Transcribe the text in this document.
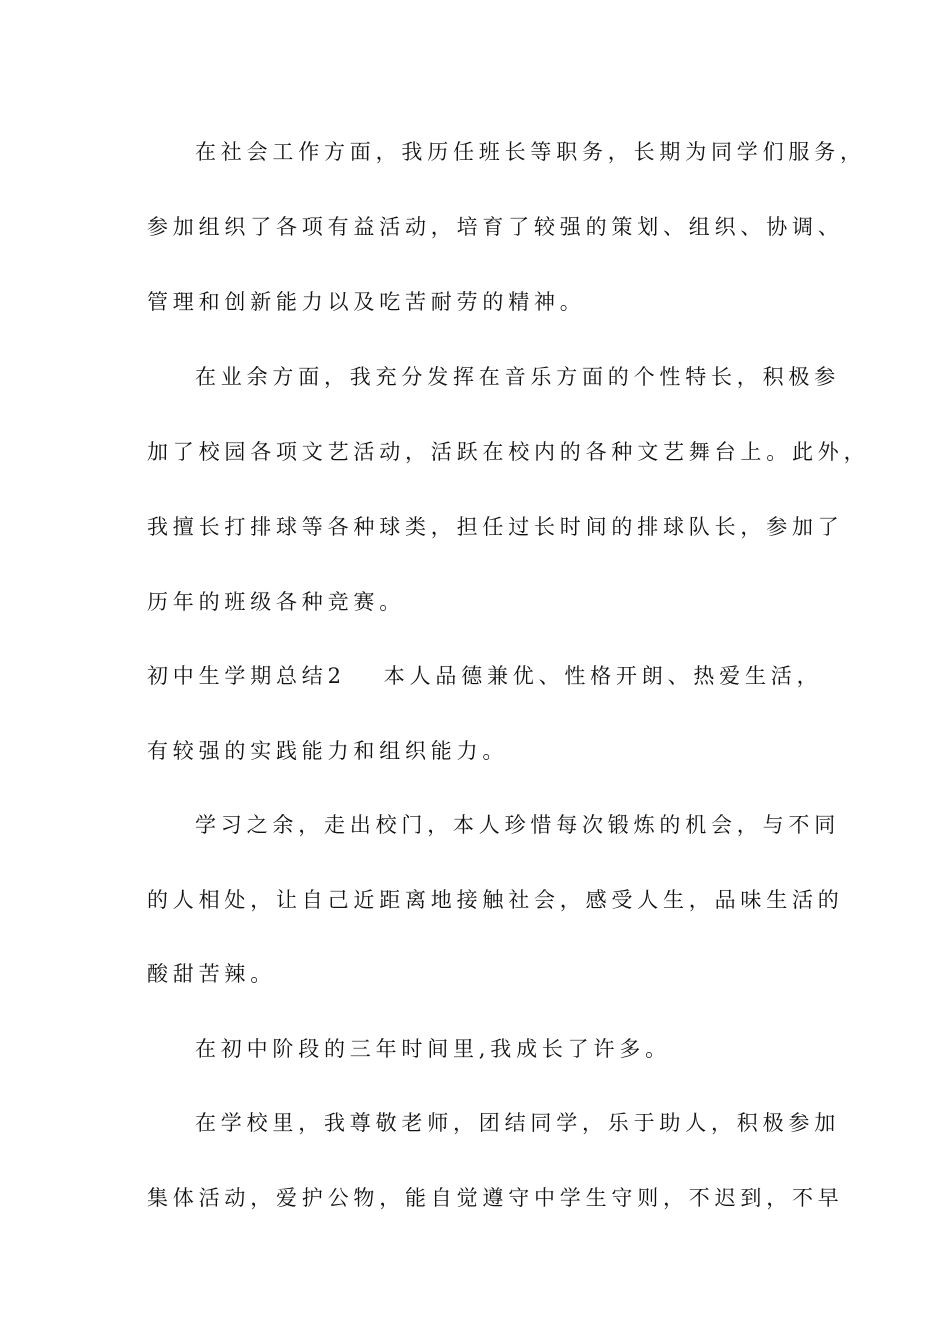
在社会工作方面，我历任班长等职务，长期为同学们服务，
参加组织了各项有益活动，培育了较强的策划、组织、协调、
管理和创新能力以及吃苦耐劳的精神。
在业余方面，我充分发挥在音乐方面的个性特长，积极参
加了校园各项文艺活动，活跃在校内的各种文艺舞台上。此外，
我擅长打排球等各种球类，担任过长时间的排球队长，参加了
历年的班级各种竞赛。
初中生学期总结2 本人品德兼优、性格开朗、热爱生活，
有较强的实践能力和组织能力。
学习之余，走出校门，本人珍惜每次锻炼的机会，与不同
的人相处，让自己近距离地接触社会，感受人生，品味生活的
酸甜苦辣。
在初中阶段的三年时间里,我成长了许多。
在学校里，我尊敬老师，团结同学，乐于助人，积极参加
集体活动，爱护公物，能自觉遵守中学生守则，不迟到，不早
